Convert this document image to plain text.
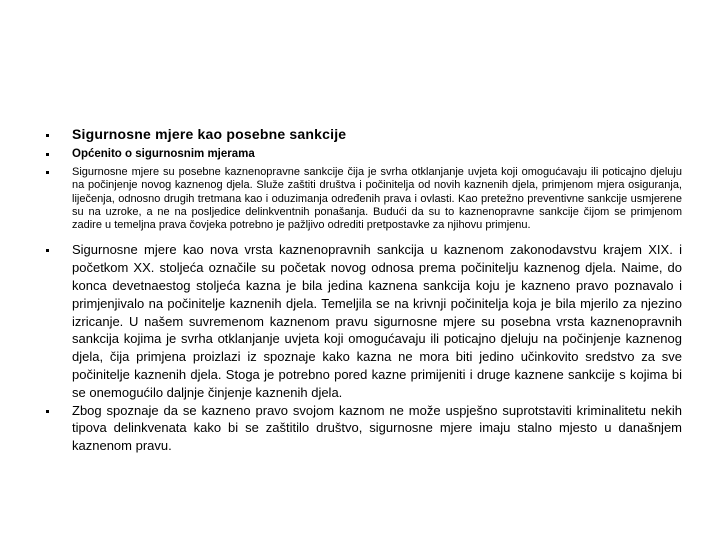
Sigurnosne mjere kao posebne sankcije
Općenito o sigurnosnim mjerama
Sigurnosne mjere su posebne kaznenopravne sankcije čija je svrha otklanjanje uvjeta koji omogućavaju ili poticajno djeluju na počinjenje novog kaznenog djela. Služe zaštiti društva i počinitelja od novih kaznenih djela, primjenom mjera osiguranja, liječenja, odnosno drugih tretmana kao i oduzimanja određenih prava i ovlasti. Kao pretežno preventivne sankcije usmjerene su na uzroke, a ne na posljedice delinkventnih ponašanja. Budući da su to kaznenopravne sankcije čijom se primjenom zadire u temeljna prava čovjeka potrebno je pažljivo odrediti pretpostavke za njihovu primjenu.
Sigurnosne mjere kao nova vrsta kaznenopravnih sankcija u kaznenom zakonodavstvu krajem XIX. i početkom XX. stoljeća označile su početak novog odnosa prema počinitelju kaznenog djela. Naime, do konca devetnaestog stoljeća kazna je bila jedina kaznena sankcija koju je kazneno pravo poznavalo i primjenjivalo na počinitelje kaznenih djela. Temeljila se na krivnji počinitelja koja je bila mjerilo za njezino izricanje. U našem suvremenom kaznenom pravu sigurnosne mjere su posebna vrsta kaznenopravnih sankcija kojima je svrha otklanjanje uvjeta koji omogućavaju ili poticajno djeluju na počinjenje kaznenog djela, čija primjena proizlazi iz spoznaje kako kazna ne mora biti jedino učinkovito sredstvo za sve počinitelje kaznenih djela. Stoga je potrebno pored kazne primijeniti i druge kaznene sankcije s kojima bi se onemogućilo daljnje činjenje kaznenih djela.
Zbog spoznaje da se kazneno pravo svojom kaznom ne može uspješno suprotstaviti kriminalitetu nekih tipova delinkvenata kako bi se zaštitilo društvo, sigurnosne mjere imaju stalno mjesto u današnjem kaznenom pravu.
